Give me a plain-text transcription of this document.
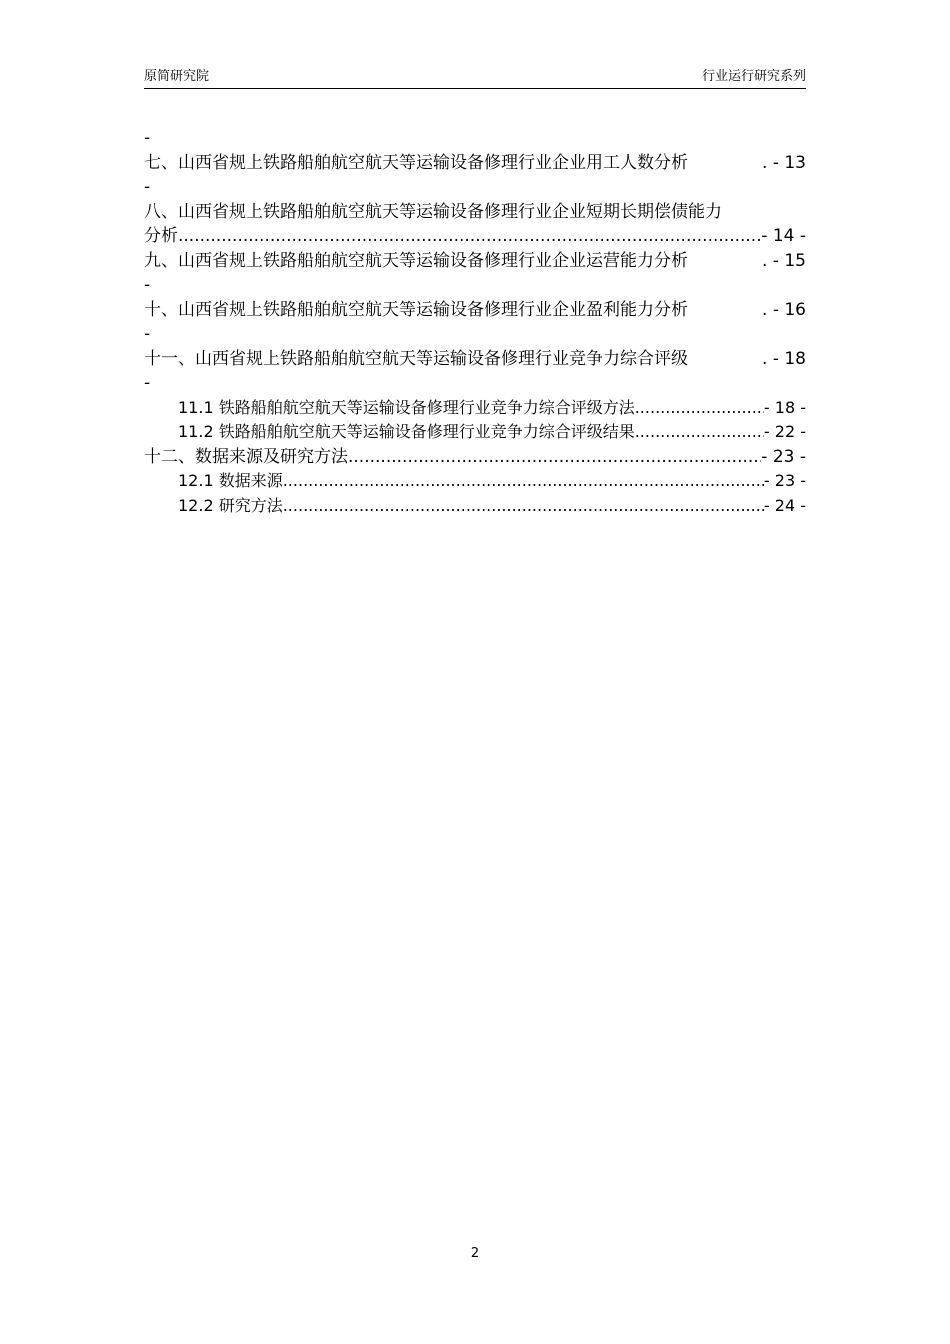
原简研究院	行业运行研究系列
-
七、山西省规上铁路船舶航空航天等运输设备修理行业企业用工人数分析	. - 13
-
八、山西省规上铁路船舶航空航天等运输设备修理行业企业短期长期偿债能力
分析 .....	- 14 -
九、山西省规上铁路船舶航空航天等运输设备修理行业企业运营能力分析	. - 15
-
十、山西省规上铁路船舶航空航天等运输设备修理行业企业盈利能力分析	. - 16
-
十一、山西省规上铁路船舶航空航天等运输设备修理行业竞争力综合评级	. - 18
-
11.1 铁路船舶航空航天等运输设备修理行业竞争力综合评级方法 .....	- 18 -
11.2 铁路船舶航空航天等运输设备修理行业竞争力综合评级结果 .....	- 22 -
十二、数据来源及研究方法 .....	- 23 -
12.1 数据来源 .....	- 23 -
12.2 研究方法 .....	- 24 -
2
